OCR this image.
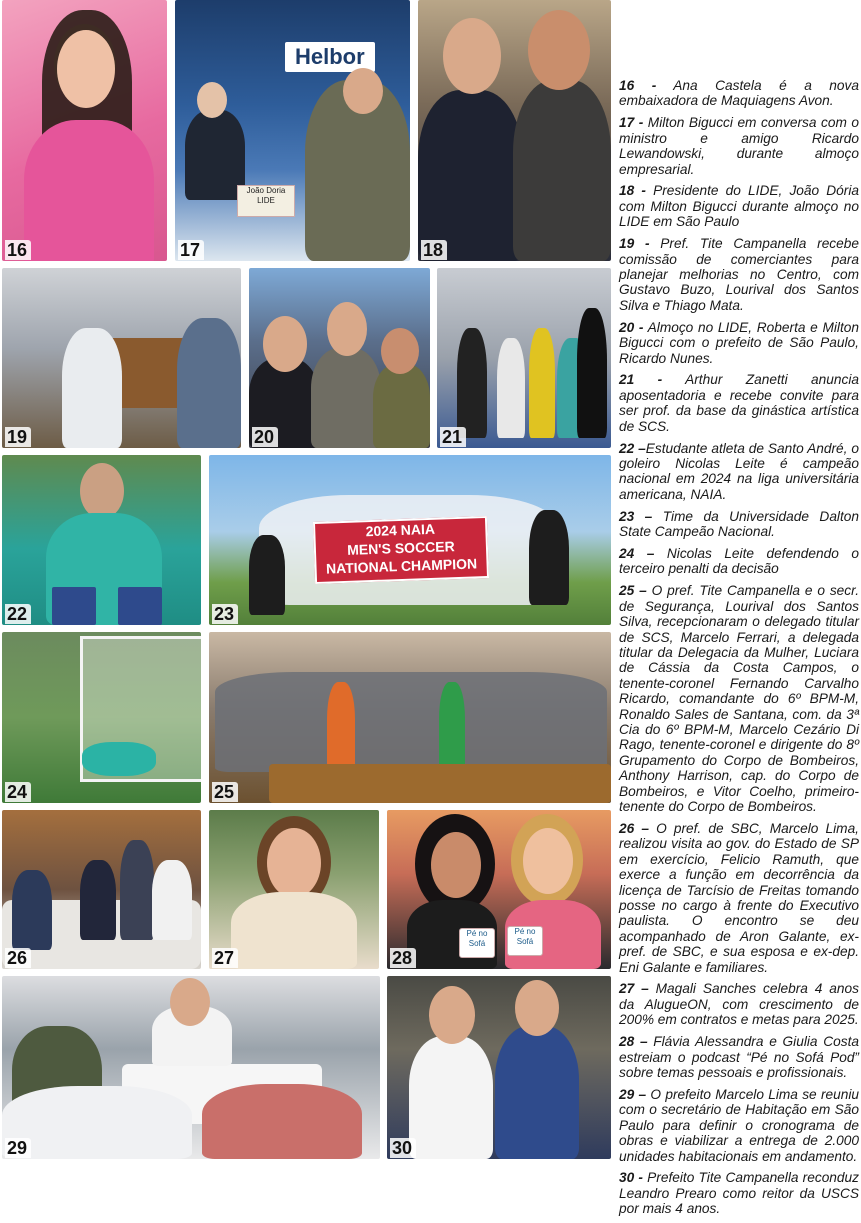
16
Helbor
João Doria LIDE
17	18
19	20	21
22
2024 NAIA
MEN'S SOCCER
NATIONAL CHAMPION
23
24	25
26	27
Pé no Sofá
Pé no Sofá
28
29	30

16 - Ana Castela é a nova embaixadora de Maquiagens Avon.

17 - Milton Bigucci em conversa com o ministro e amigo Ricardo Lewandowski, durante almoço empresarial.

18 - Presidente do LIDE, João Dória com Milton Bigucci durante almoço no LIDE em São Paulo

19 - Pref. Tite Campanella recebe comissão de comerciantes para planejar melhorias no Centro, com Gustavo Buzo, Lourival dos Santos Silva e Thiago Mata.

20 - Almoço no LIDE, Roberta e Milton Bigucci com o prefeito de São Paulo, Ricardo Nunes.

21 - Arthur Zanetti anuncia aposentadoria e recebe convite para ser prof. da base da ginástica artística de SCS.

22 –Estudante atleta de Santo André, o goleiro Nicolas Leite é campeão nacional em 2024 na liga universitária americana, NAIA.

23 – Time da Universidade Dalton State Campeão Nacional.

24 – Nicolas Leite defendendo o terceiro penalti da decisão

25 – O pref. Tite Campanella e o secr. de Segurança, Lourival dos Santos Silva, recepcionaram o delegado titular de SCS, Marcelo Ferrari, a delegada titular da Delegacia da Mulher, Luciara de Cássia da Costa Campos, o tenente-coronel Fernando Carvalho Ricardo, comandante do 6º BPM-M, Ronaldo Sales de Santana, com. da 3ª Cia do 6º BPM-M, Marcelo Cezário Di Rago, tenente-coronel e dirigente do 8º Grupamento do Corpo de Bombeiros, Anthony Harrison, cap. do Corpo de Bombeiros, e Vitor Coelho, primeiro-tenente do Corpo de Bombeiros.

26 – O pref. de SBC, Marcelo Lima, realizou visita ao gov. do Estado de SP em exercício, Felicio Ramuth, que exerce a função em decorrência da licença de Tarcísio de Freitas tomando posse no cargo à frente do Executivo paulista. O encontro se deu acompanhado de Aron Galante, ex-pref. de SBC, e sua esposa e ex-dep. Eni Galante e familiares.

27 – Magali Sanches celebra 4 anos da AlugueON, com crescimento de 200% em contratos e metas para 2025.

28 – Flávia Alessandra e Giulia Costa estreiam o podcast “Pé no Sofá Pod” sobre temas pessoais e profissionais.

29 – O prefeito Marcelo Lima se reuniu com o secretário de Habitação em São Paulo para definir o cronograma de obras e viabilizar a entrega de 2.000 unidades habitacionais em andamento.

30 - Prefeito Tite Campanella reconduz Leandro Prearo como reitor da USCS por mais 4 anos.
